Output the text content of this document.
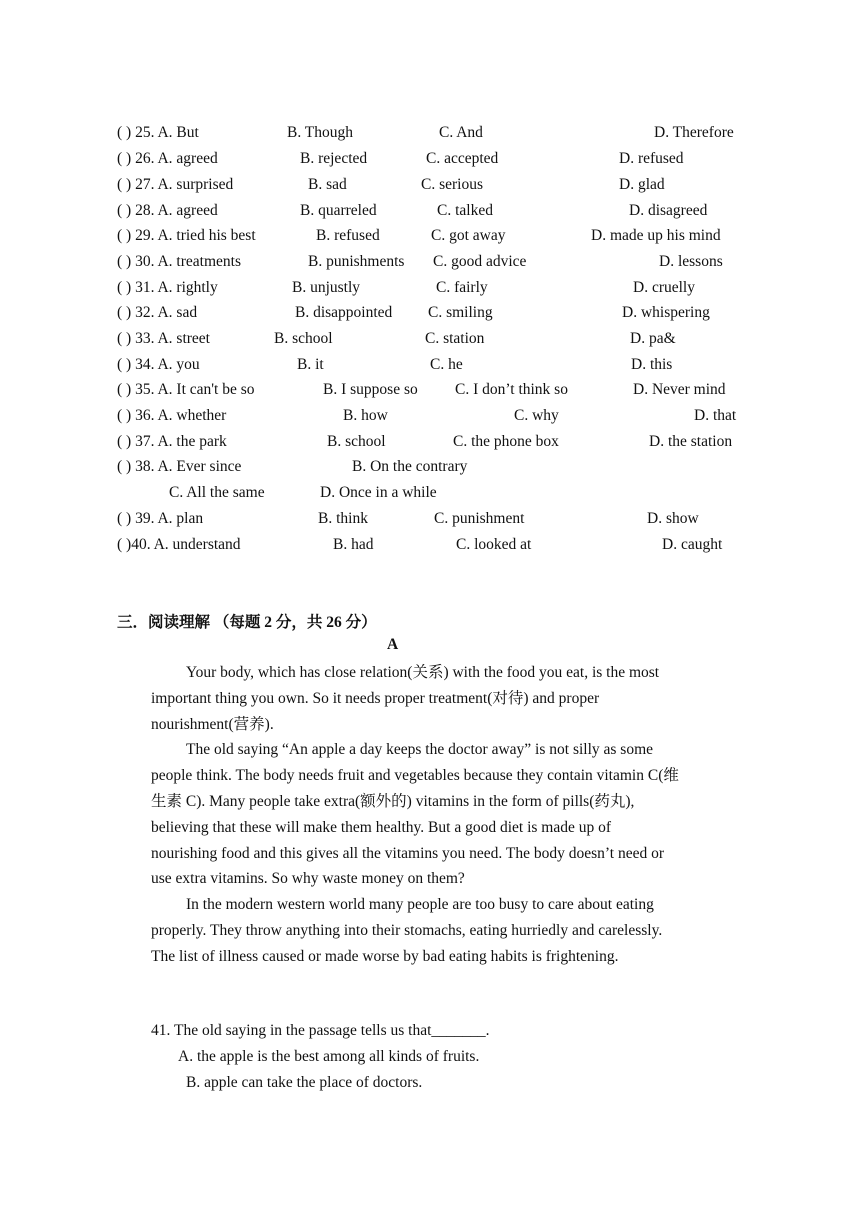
( ) 25. A. But	B. Though	C. And	D. Therefore
( ) 26. A. agreed	B. rejected	C. accepted	D. refused
( ) 27. A. surprised	B. sad	C. serious	D. glad
( ) 28. A. agreed	B. quarreled	C. talked	D. disagreed
( ) 29. A. tried his best	B. refused	C. got away	D. made up his mind
( ) 30. A. treatments	B. punishments C. good advice	D. lessons
( ) 31. A. rightly	B. unjustly	C. fairly	D. cruelly
( ) 32. A. sad	B. disappointed C. smiling	D. whispering
( ) 33. A. street	B. school	C. station	D. pa&
( ) 34. A. you	B. it	C. he	D. this
( ) 35. A. It can't be so	B. I suppose so C. I don’t think so	D. Never mind
( ) 36. A. whether	B. how	C. why	D. that
( ) 37. A. the park	B. school	C. the phone box	D. the station
( ) 38. A. Ever since	B. On the contrary
C. All the same	D. Once in a while
( ) 39. A. plan	B. think	C. punishment	D. show
( )40. A. understand	B. had	C. looked at	D. caught
三．阅读理解 （每题 2 分，共 26 分）
A

Your body, which has close relation(关系) with the food you eat, is the most important thing you own. So it needs proper treatment(对待) and proper nourishment(营养).

The old saying “An apple a day keeps the doctor away” is not silly as some people think. The body needs fruit and vegetables because they contain vitamin C(维生素 C). Many people take extra(额外的) vitamins in the form of pills(药丸), believing that these will make them healthy. But a good diet is made up of nourishing food and this gives all the vitamins you need. The body doesn’t need or use extra vitamins. So why waste money on them?

In the modern western world many people are too busy to care about eating properly. They throw anything into their stomachs, eating hurriedly and carelessly. The list of illness caused or made worse by bad eating habits is frightening.

41. The old saying in the passage tells us that_______.
A. the apple is the best among all kinds of fruits.
B. apple can take the place of doctors.
